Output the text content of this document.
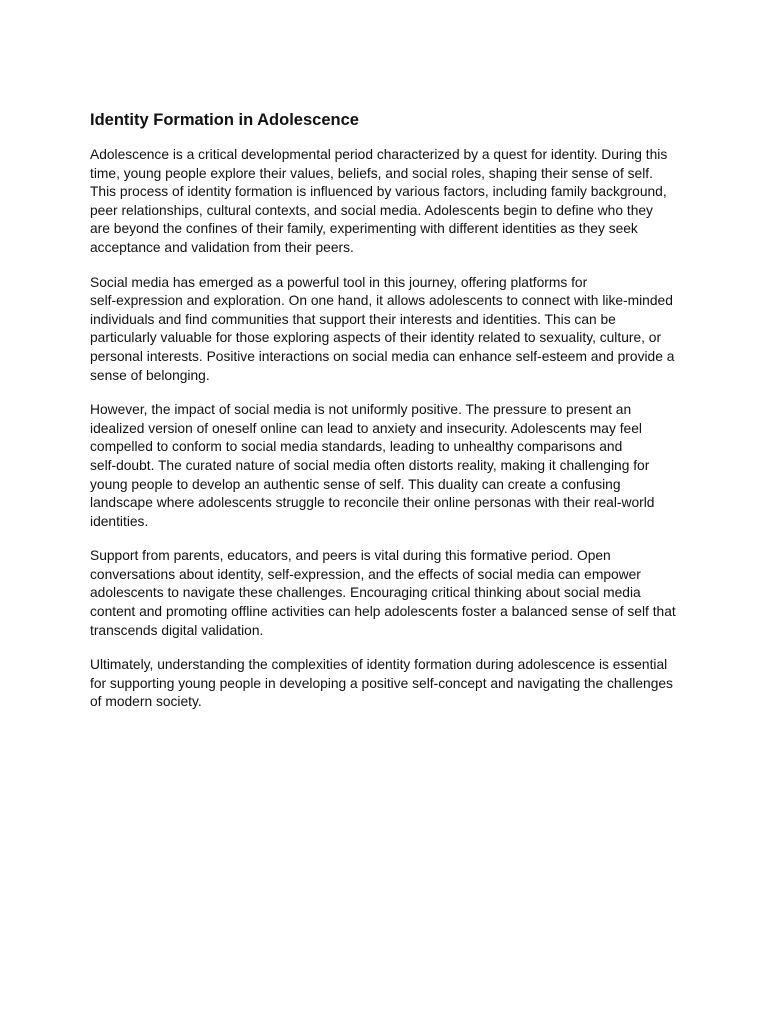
Identity Formation in Adolescence

Adolescence is a critical developmental period characterized by a quest for identity. During this
time, young people explore their values, beliefs, and social roles, shaping their sense of self.
This process of identity formation is influenced by various factors, including family background,
peer relationships, cultural contexts, and social media. Adolescents begin to define who they
are beyond the confines of their family, experimenting with different identities as they seek
acceptance and validation from their peers.

Social media has emerged as a powerful tool in this journey, offering platforms for
self-expression and exploration. On one hand, it allows adolescents to connect with like-minded
individuals and find communities that support their interests and identities. This can be
particularly valuable for those exploring aspects of their identity related to sexuality, culture, or
personal interests. Positive interactions on social media can enhance self-esteem and provide a
sense of belonging.

However, the impact of social media is not uniformly positive. The pressure to present an
idealized version of oneself online can lead to anxiety and insecurity. Adolescents may feel
compelled to conform to social media standards, leading to unhealthy comparisons and
self-doubt. The curated nature of social media often distorts reality, making it challenging for
young people to develop an authentic sense of self. This duality can create a confusing
landscape where adolescents struggle to reconcile their online personas with their real-world
identities.

Support from parents, educators, and peers is vital during this formative period. Open
conversations about identity, self-expression, and the effects of social media can empower
adolescents to navigate these challenges. Encouraging critical thinking about social media
content and promoting offline activities can help adolescents foster a balanced sense of self that
transcends digital validation.

Ultimately, understanding the complexities of identity formation during adolescence is essential
for supporting young people in developing a positive self-concept and navigating the challenges
of modern society.
